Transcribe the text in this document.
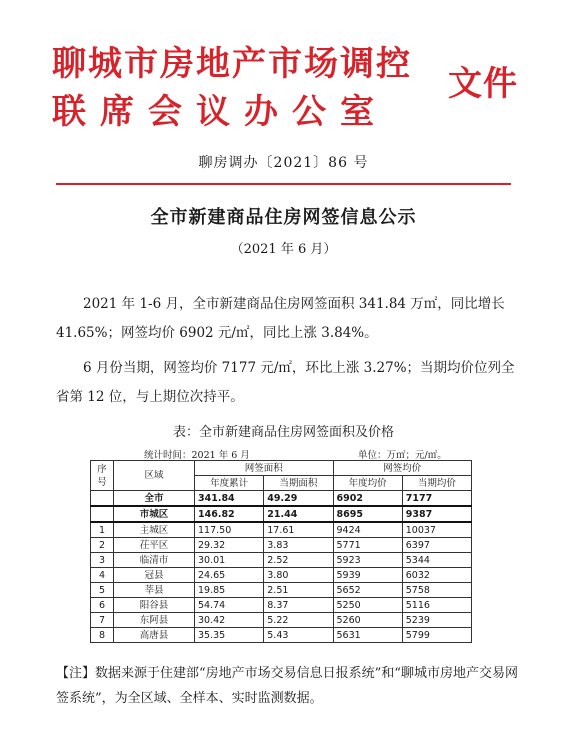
聊城市房地产市场调控
联席会议办公室
文件
聊房调办〔2021〕86 号
全市新建商品住房网签信息公示
（2021 年 6 月）

2021 年 1-6 月，全市新建商品住房网签面积 341.84 万㎡，同比增长 41.65%；网签均价 6902 元/㎡，同比上涨 3.84%。

6 月份当期，网签均价 7177 元/㎡，环比上涨 3.27%；当期均价位列全省第 12 位，与上期位次持平。

表：全市新建商品住房网签面积及价格
统计时间：2021 年 6 月	单位：万㎡；元/㎡。
序号	区域	网签面积		网签均价	
		年度累计	当期面积	年度均价	当期均价
	全市	341.84	49.29	6902	7177
	市城区	146.82	21.44	8695	9387
1	主城区	117.50	17.61	9424	10037
2	茌平区	29.32	3.83	5771	6397
3	临清市	30.01	2.52	5923	5344
4	冠县	24.65	3.80	5939	6032
5	莘县	19.85	2.51	5652	5758
6	阳谷县	54.74	8.37	5250	5116
7	东阿县	30.42	5.22	5260	5239
8	高唐县	35.35	5.43	5631	5799
【注】数据来源于住建部“房地产市场交易信息日报系统”和“聊城市房地产交易网签系统”，为全区域、全样本、实时监测数据。
